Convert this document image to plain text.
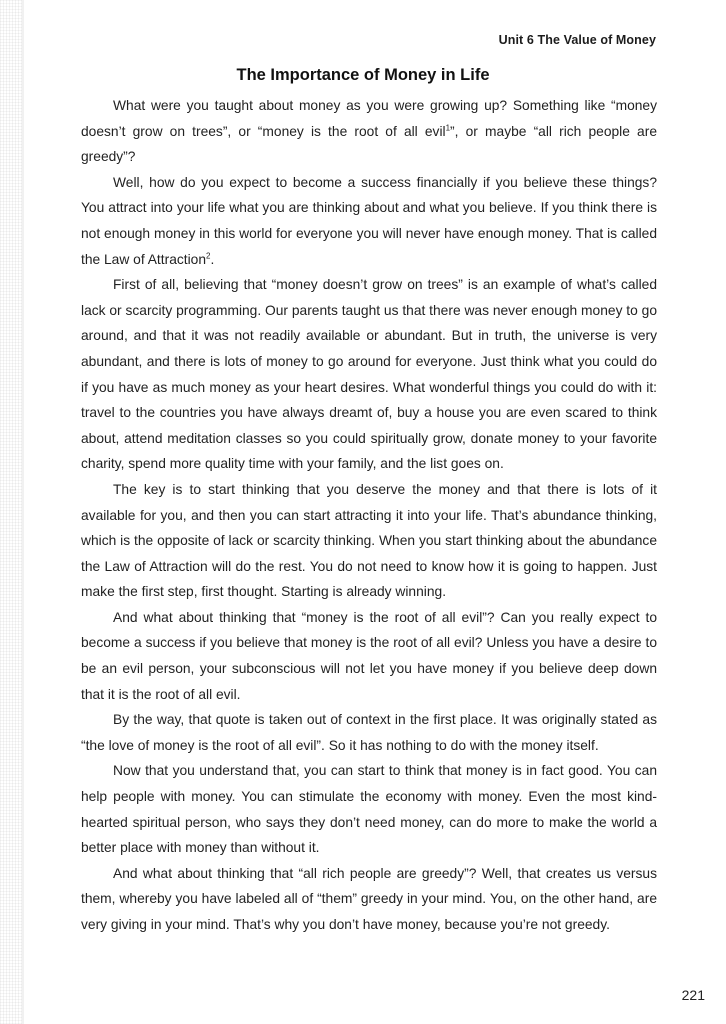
Unit 6 The Value of Money
The Importance of Money in Life

What were you taught about money as you were growing up? Something like “money doesn’t grow on trees”, or “money is the root of all evil$^1$”, or maybe “all rich people are greedy”?

Well, how do you expect to become a success financially if you believe these things? You attract into your life what you are thinking about and what you believe. If you think there is not enough money in this world for everyone you will never have enough money. That is called the Law of Attraction$^2$.

First of all, believing that “money doesn’t grow on trees” is an example of what’s called lack or scarcity programming. Our parents taught us that there was never enough money to go around, and that it was not readily available or abundant. But in truth, the universe is very abundant, and there is lots of money to go around for everyone. Just think what you could do if you have as much money as your heart desires. What wonderful things you could do with it: travel to the countries you have always dreamt of, buy a house you are even scared to think about, attend meditation classes so you could spiritually grow, donate money to your favorite charity, spend more quality time with your family, and the list goes on.

The key is to start thinking that you deserve the money and that there is lots of it available for you, and then you can start attracting it into your life. That’s abundance thinking, which is the opposite of lack or scarcity thinking. When you start thinking about the abundance the Law of Attraction will do the rest. You do not need to know how it is going to happen. Just make the first step, first thought. Starting is already winning.

And what about thinking that “money is the root of all evil”? Can you really expect to become a success if you believe that money is the root of all evil? Unless you have a desire to be an evil person, your subconscious will not let you have money if you believe deep down that it is the root of all evil.

By the way, that quote is taken out of context in the first place. It was originally stated as “the love of money is the root of all evil”. So it has nothing to do with the money itself.

Now that you understand that, you can start to think that money is in fact good. You can help people with money. You can stimulate the economy with money. Even the most kind-hearted spiritual person, who says they don’t need money, can do more to make the world a better place with money than without it.

And what about thinking that “all rich people are greedy”? Well, that creates us versus them, whereby you have labeled all of “them” greedy in your mind. You, on the other hand, are very giving in your mind. That’s why you don’t have money, because you’re not greedy.

221
